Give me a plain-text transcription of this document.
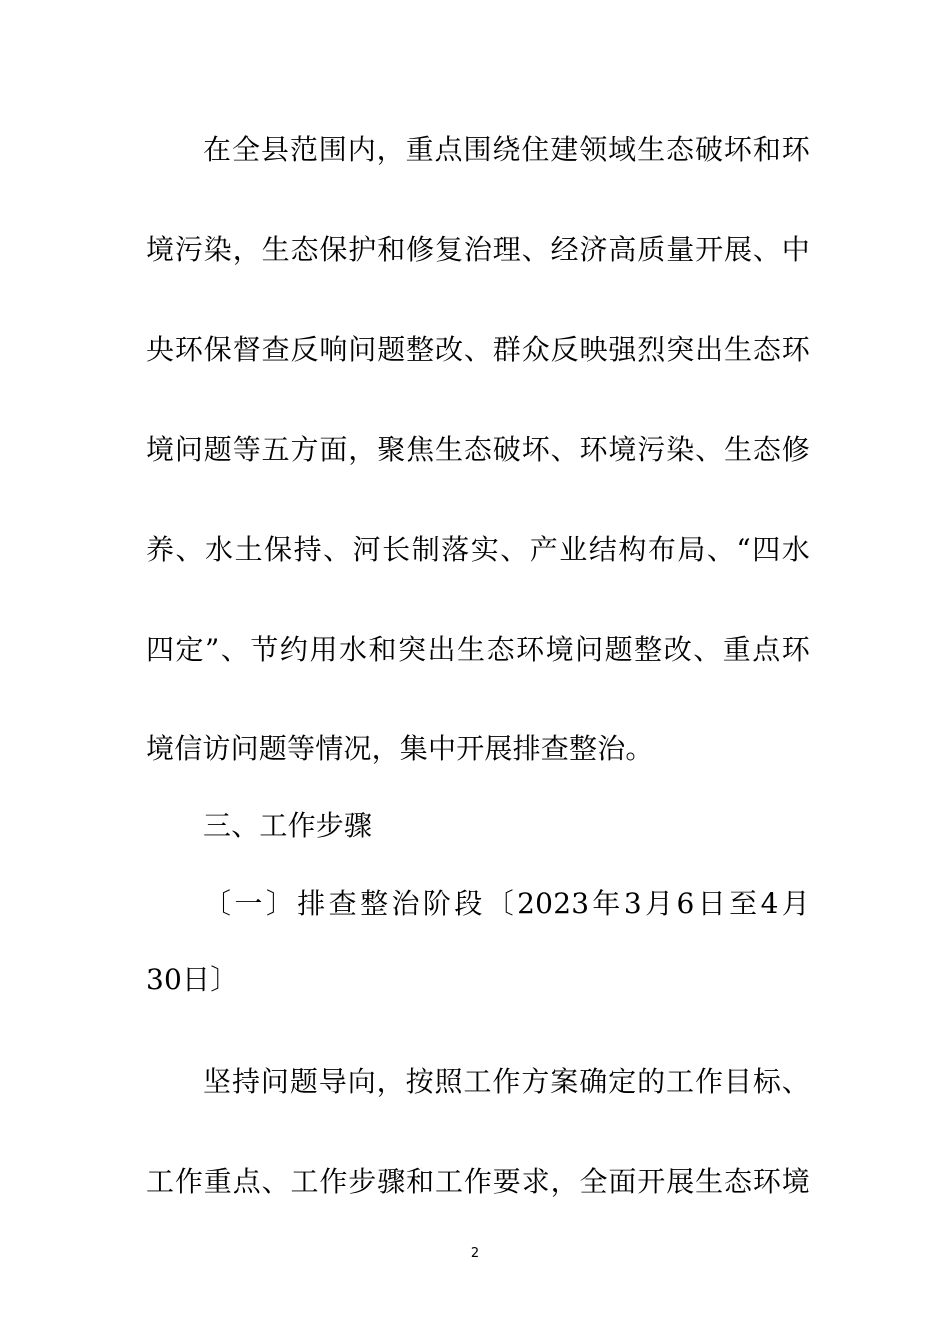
在全县范围内，重点围绕住建领域生态破坏和环
境污染，生态保护和修复治理、经济高质量开展、中
央环保督查反响问题整改、群众反映强烈突出生态环
境问题等五方面，聚焦生态破坏、环境污染、生态修
养、水土保持、河长制落实、产业结构布局、“四水
四定”、节约用水和突出生态环境问题整改、重点环
境信访问题等情况，集中开展排查整治。
三、工作步骤
〔一〕排查整治阶段〔2023年3月6日至4月
30日〕
坚持问题导向，按照工作方案确定的工作目标、
工作重点、工作步骤和工作要求，全面开展生态环境
2
